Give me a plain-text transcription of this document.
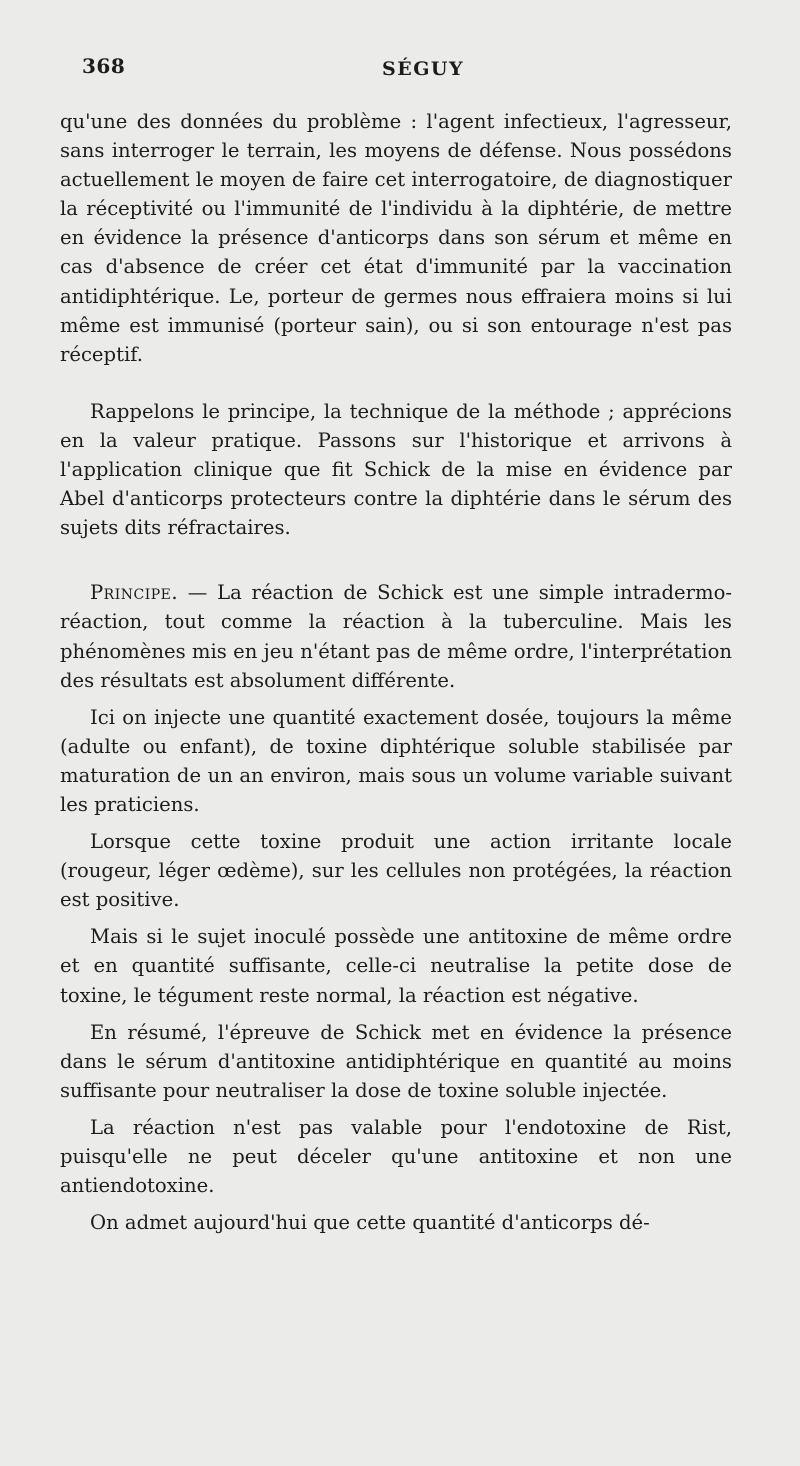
368	SÉGUY

qu'une des données du problème : l'agent infectieux, l'agresseur, sans interroger le terrain, les moyens de défense. Nous possédons actuellement le moyen de faire cet interrogatoire, de diagnostiquer la réceptivité ou l'immunité de l'individu à la diphtérie, de mettre en évidence la présence d'anticorps dans son sérum et même en cas d'absence de créer cet état d'immunité par la vaccination antidiphtérique. Le, porteur de germes nous effraiera moins si lui même est immunisé (porteur sain), ou si son entourage n'est pas réceptif.

Rappelons le principe, la technique de la méthode ; apprécions en la valeur pratique. Passons sur l'historique et arrivons à l'application clinique que fit Schick de la mise en évidence par Abel d'anticorps protecteurs contre la diphtérie dans le sérum des sujets dits réfractaires.

Principe. — La réaction de Schick est une simple intradermo-réaction, tout comme la réaction à la tuberculine. Mais les phénomènes mis en jeu n'étant pas de même ordre, l'interprétation des résultats est absolument différente.

Ici on injecte une quantité exactement dosée, toujours la même (adulte ou enfant), de toxine diphtérique soluble stabilisée par maturation de un an environ, mais sous un volume variable suivant les praticiens.

Lorsque cette toxine produit une action irritante locale (rougeur, léger œdème), sur les cellules non protégées, la réaction est positive.

Mais si le sujet inoculé possède une antitoxine de même ordre et en quantité suffisante, celle-ci neutralise la petite dose de toxine, le tégument reste normal, la réaction est négative.

En résumé, l'épreuve de Schick met en évidence la présence dans le sérum d'antitoxine antidiphtérique en quantité au moins suffisante pour neutraliser la dose de toxine soluble injectée.

La réaction n'est pas valable pour l'endotoxine de Rist, puisqu'elle ne peut déceler qu'une antitoxine et non une antiendotoxine.

On admet aujourd'hui que cette quantité d'anticorps dé-
